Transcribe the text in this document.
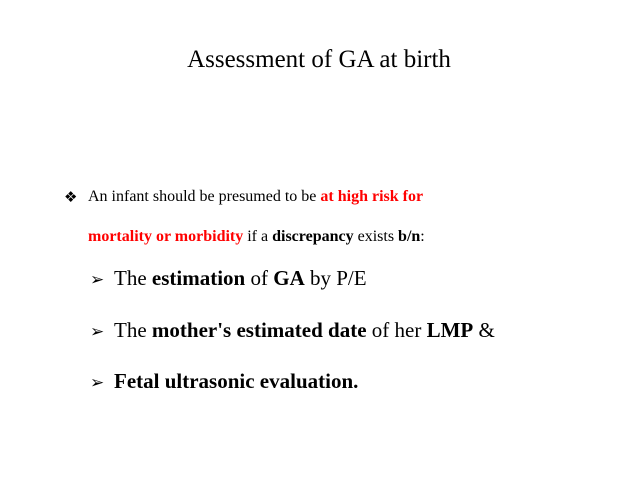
Assessment of GA at birth
❖ An infant should be presumed to be at high risk for
mortality or morbidity if a discrepancy exists b/n:
➢ The estimation of GA by P/E
➢ The mother's estimated date of her LMP &
➢ Fetal ultrasonic evaluation.
